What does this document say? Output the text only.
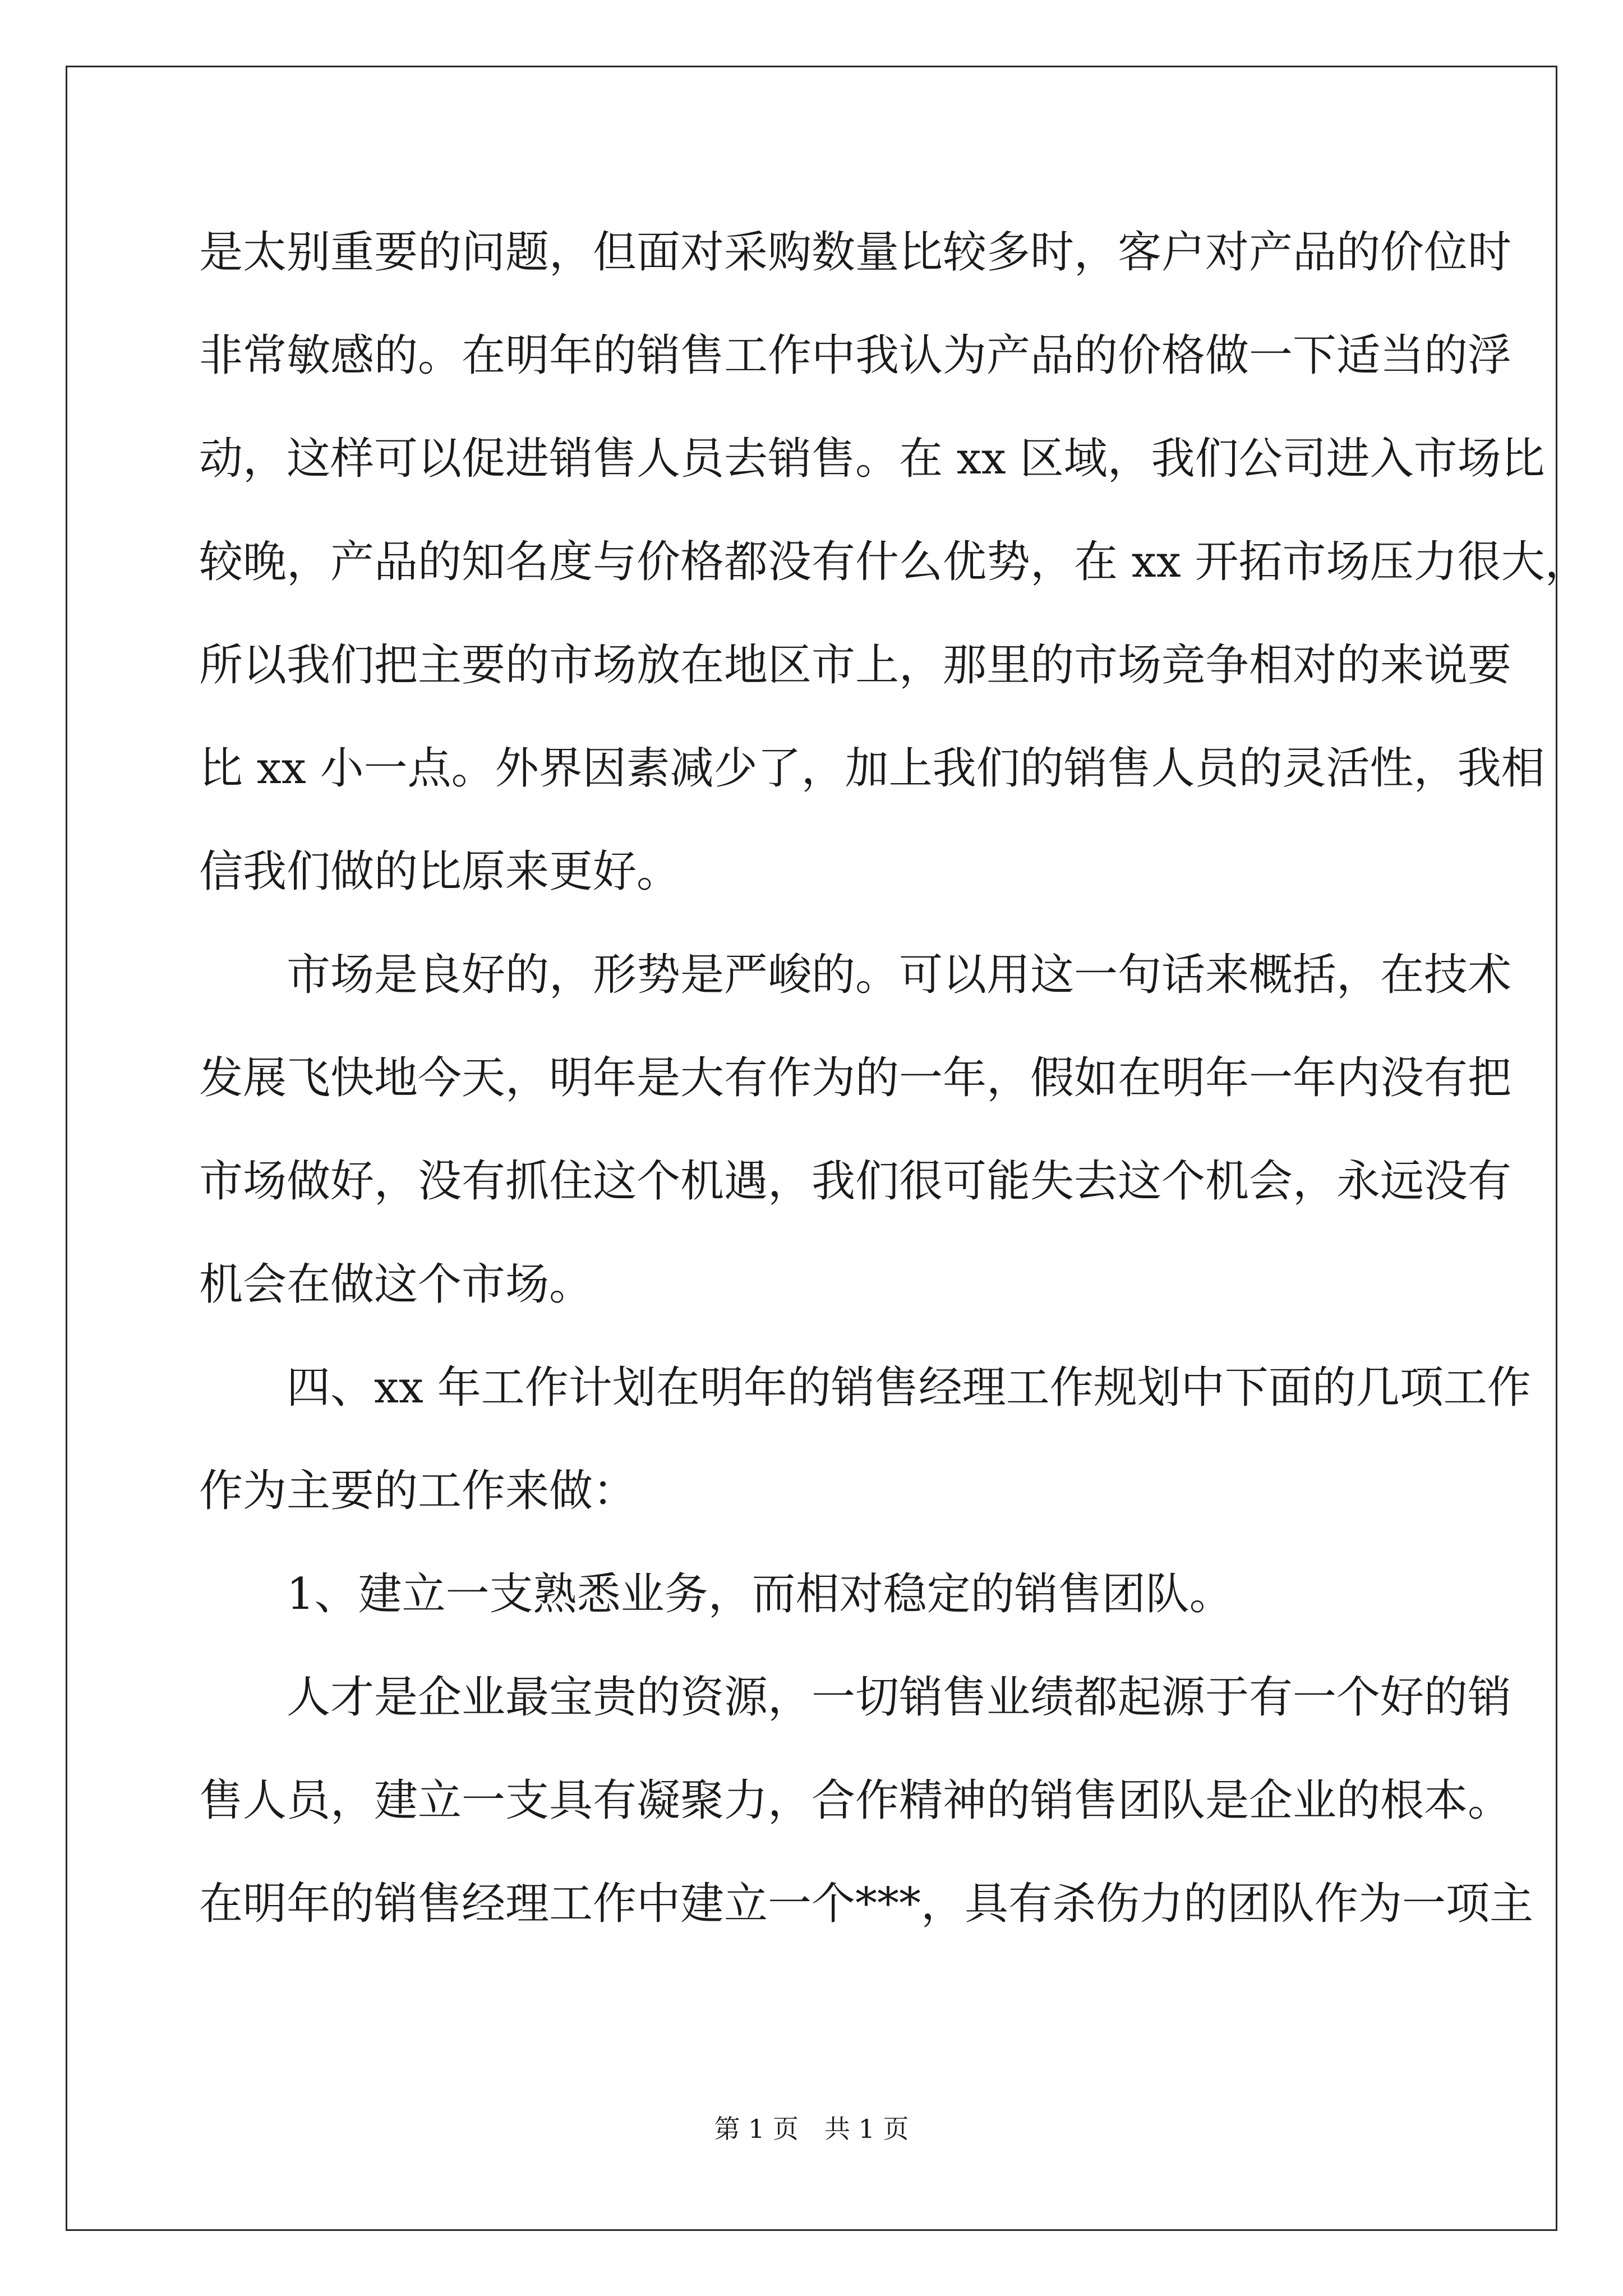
是太别重要的问题，但面对采购数量比较多时，客户对产品的价位时
非常敏感的。在明年的销售工作中我认为产品的价格做一下适当的浮
动，这样可以促进销售人员去销售。在 xx 区域，我们公司进入市场比
较晚，产品的知名度与价格都没有什么优势，在 xx 开拓市场压力很大，
所以我们把主要的市场放在地区市上，那里的市场竞争相对的来说要
比 xx 小一点。外界因素减少了，加上我们的销售人员的灵活性，我相
信我们做的比原来更好。
市场是良好的，形势是严峻的。可以用这一句话来概括，在技术
发展飞快地今天，明年是大有作为的一年，假如在明年一年内没有把
市场做好，没有抓住这个机遇，我们很可能失去这个机会，永远没有
机会在做这个市场。
四、xx 年工作计划在明年的销售经理工作规划中下面的几项工作
作为主要的工作来做：
1、建立一支熟悉业务，而相对稳定的销售团队。
人才是企业最宝贵的资源，一切销售业绩都起源于有一个好的销
售人员，建立一支具有凝聚力，合作精神的销售团队是企业的根本。
在明年的销售经理工作中建立一个***，具有杀伤力的团队作为一项主
第 1 页　共 1 页
